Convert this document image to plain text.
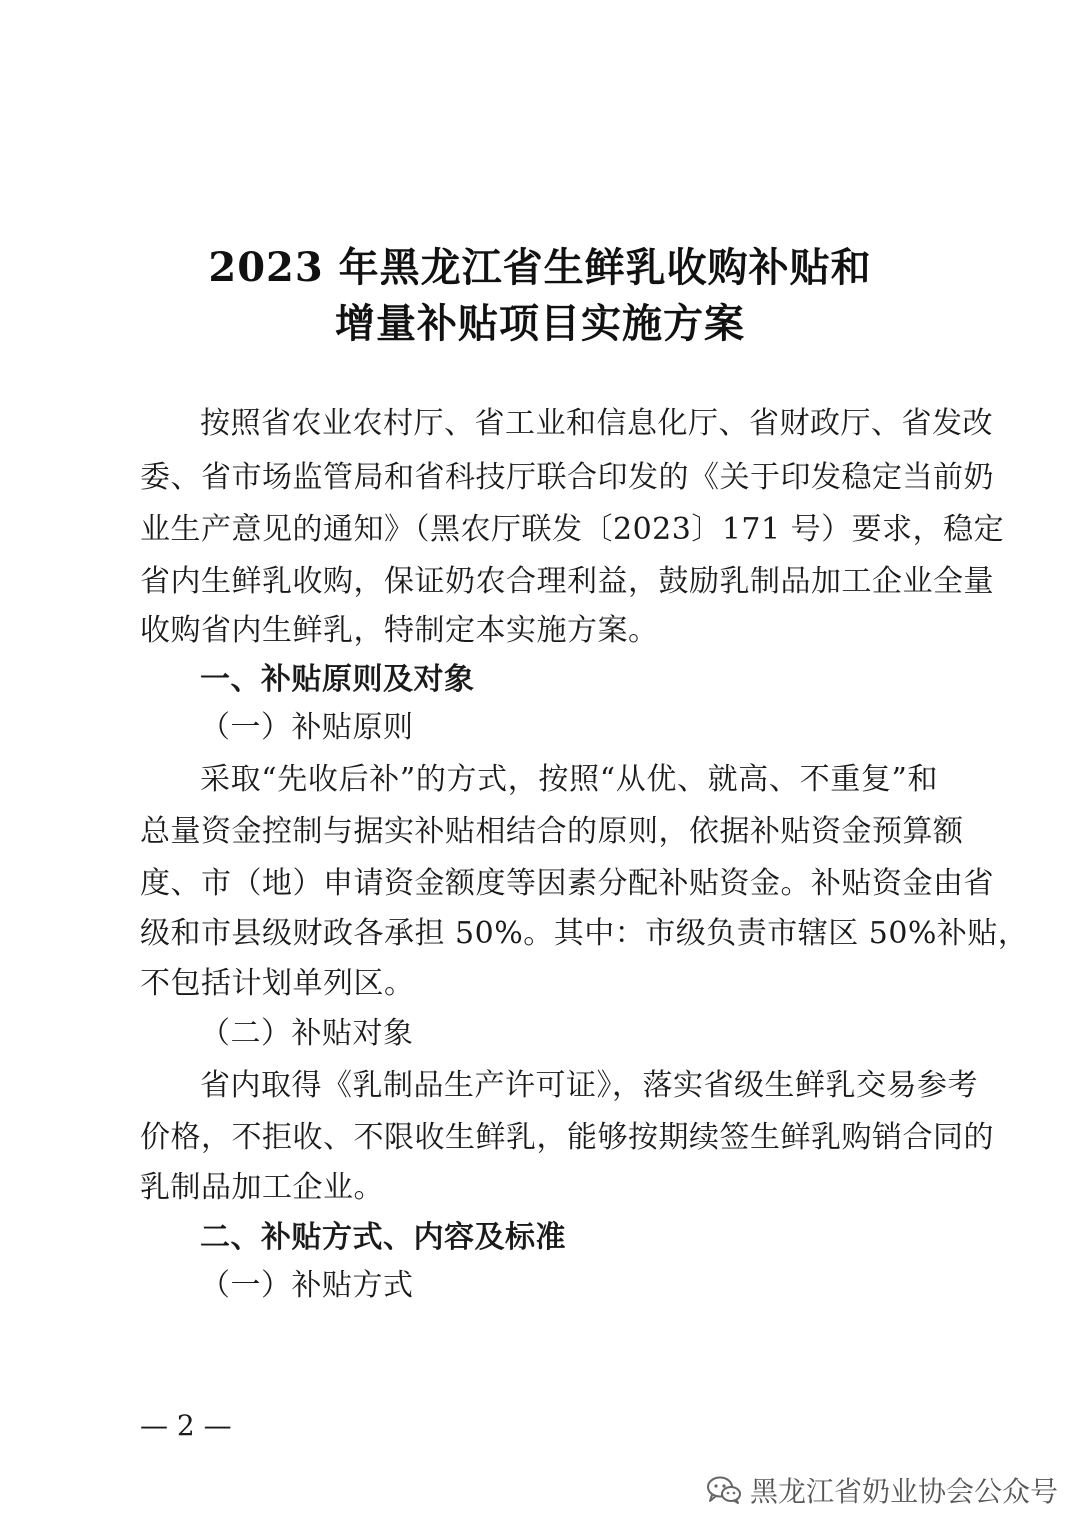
2023 年黑龙江省生鲜乳收购补贴和
增量补贴项目实施方案
按照省农业农村厅、省工业和信息化厅、省财政厅、省发改
委、省市场监管局和省科技厅联合印发的《关于印发稳定当前奶
业生产意见的通知》（黑农厅联发〔2023〕171 号）要求，稳定
省内生鲜乳收购，保证奶农合理利益，鼓励乳制品加工企业全量
收购省内生鲜乳，特制定本实施方案。
一、补贴原则及对象
（一）补贴原则
采取“先收后补”的方式，按照“从优、就高、不重复”和
总量资金控制与据实补贴相结合的原则，依据补贴资金预算额
度、市（地）申请资金额度等因素分配补贴资金。补贴资金由省
级和市县级财政各承担 50%。其中：市级负责市辖区 50%补贴，
不包括计划单列区。
（二）补贴对象
省内取得《乳制品生产许可证》，落实省级生鲜乳交易参考
价格，不拒收、不限收生鲜乳，能够按期续签生鲜乳购销合同的
乳制品加工企业。
二、补贴方式、内容及标准
（一）补贴方式
— 2 —
黑龙江省奶业协会公众号
